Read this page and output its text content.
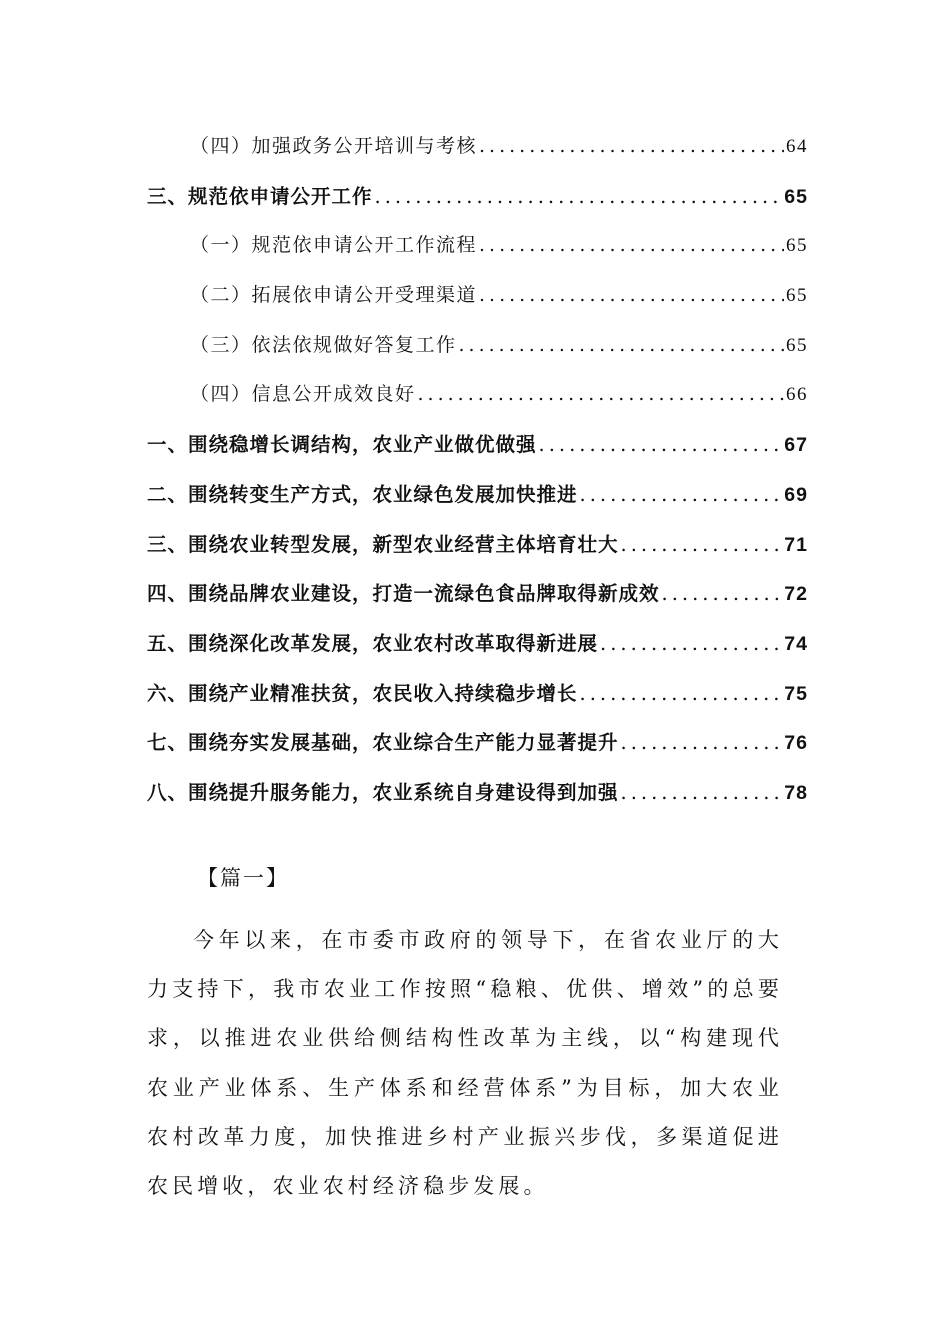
（四）加强政务公开培训与考核 .....	64
三、规范依申请公开工作 .....	65
（一）规范依申请公开工作流程 .....	65
（二）拓展依申请公开受理渠道 .....	65
（三）依法依规做好答复工作 .....	65
（四）信息公开成效良好 .....	66
一、围绕稳增长调结构，农业产业做优做强 .....	67
二、围绕转变生产方式，农业绿色发展加快推进 .....	69
三、围绕农业转型发展，新型农业经营主体培育壮大 .....	71
四、围绕品牌农业建设，打造一流绿色食品牌取得新成效 .....	72
五、围绕深化改革发展，农业农村改革取得新进展 .....	74
六、围绕产业精准扶贫，农民收入持续稳步增长 .....	75
七、围绕夯实发展基础，农业综合生产能力显著提升 .....	76
八、围绕提升服务能力，农业系统自身建设得到加强 .....	78
【篇一】

今年以来，在市委市政府的领导下，在省农业厅的大力支持下，我市农业工作按照“稳粮、优供、增效”的总要求，以推进农业供给侧结构性改革为主线，以“构建现代农业产业体系、生产体系和经营体系”为目标，加大农业农村改革力度，加快推进乡村产业振兴步伐，多渠道促进农民增收，农业农村经济稳步发展。
